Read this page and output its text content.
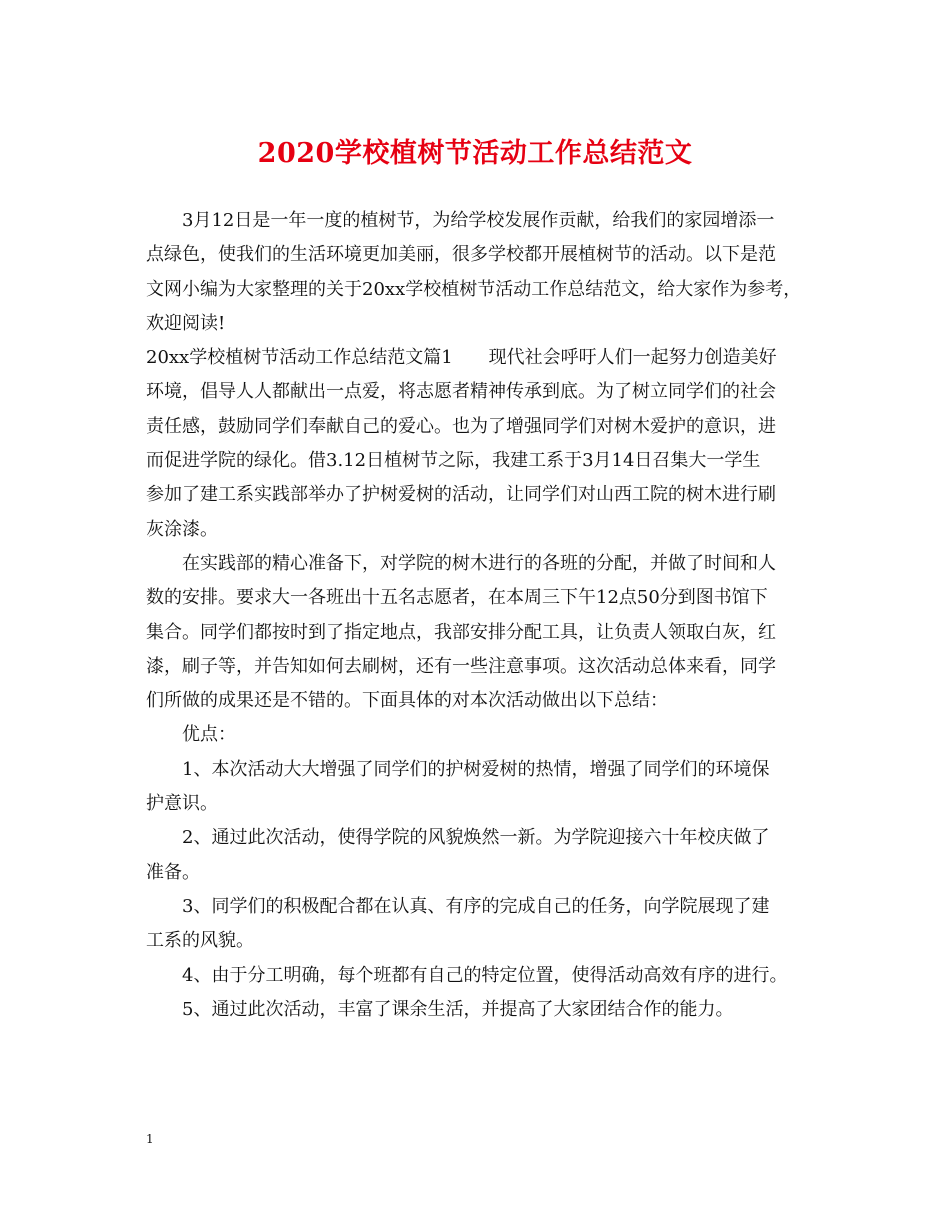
2020学校植树节活动工作总结范文

　　3月12日是一年一度的植树节，为给学校发展作贡献，给我们的家园增添一
点绿色，使我们的生活环境更加美丽，很多学校都开展植树节的活动。以下是范
文网小编为大家整理的关于20xx学校植树节活动工作总结范文，给大家作为参考，
欢迎阅读!

20xx学校植树节活动工作总结范文篇1　　现代社会呼吁人们一起努力创造美好
环境，倡导人人都献出一点爱，将志愿者精神传承到底。为了树立同学们的社会
责任感，鼓励同学们奉献自己的爱心。也为了增强同学们对树木爱护的意识，进
而促进学院的绿化。借3.12日植树节之际，我建工系于3月14日召集大一学生
参加了建工系实践部举办了护树爱树的活动，让同学们对山西工院的树木进行刷
灰涂漆。

　　在实践部的精心准备下，对学院的树木进行的各班的分配，并做了时间和人
数的安排。要求大一各班出十五名志愿者，在本周三下午12点50分到图书馆下
集合。同学们都按时到了指定地点，我部安排分配工具，让负责人领取白灰，红
漆，刷子等，并告知如何去刷树，还有一些注意事项。这次活动总体来看，同学
们所做的成果还是不错的。下面具体的对本次活动做出以下总结：

　　优点：

　　1、本次活动大大增强了同学们的护树爱树的热情，增强了同学们的环境保
护意识。

　　2、通过此次活动，使得学院的风貌焕然一新。为学院迎接六十年校庆做了
准备。

　　3、同学们的积极配合都在认真、有序的完成自己的任务，向学院展现了建
工系的风貌。

　　4、由于分工明确，每个班都有自己的特定位置，使得活动高效有序的进行。

　　5、通过此次活动，丰富了课余生活，并提高了大家团结合作的能力。

1
